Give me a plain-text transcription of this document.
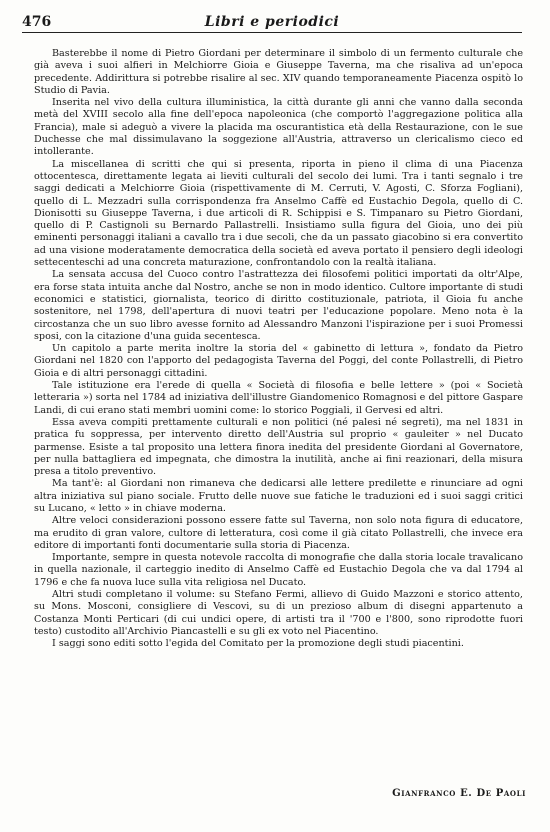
476	Libri e periodici

Basterebbe il nome di Pietro Giordani per determinare il simbolo di un fermento culturale che già aveva i suoi alfieri in Melchiorre Gioia e Giuseppe Taverna, ma che risaliva ad un'epoca precedente. Addirittura si potrebbe risalire al sec. XIV quando temporaneamente Piacenza ospitò lo Studio di Pavia.

Inserita nel vivo della cultura illuministica, la città durante gli anni che vanno dalla seconda metà del XVIII secolo alla fine dell'epoca napoleonica (che comportò l'aggregazione politica alla Francia), male si adeguò a vivere la placida ma oscurantistica età della Restaurazione, con le sue Duchesse che mal dissimulavano la soggezione all'Austria, attraverso un clericalismo cieco ed intollerante.

La miscellanea di scritti che qui si presenta, riporta in pieno il clima di una Piacenza ottocentesca, direttamente legata ai lieviti culturali del secolo dei lumi. Tra i tanti segnalo i tre saggi dedicati a Melchiorre Gioia (rispettivamente di M. Cerruti, V. Agosti, C. Sforza Fogliani), quello di L. Mezzadri sulla corrispondenza fra Anselmo Caffè ed Eustachio Degola, quello di C. Dionisotti su Giuseppe Taverna, i due articoli di R. Schippisi e S. Timpanaro su Pietro Giordani, quello di P. Castignoli su Bernardo Pallastrelli. Insistiamo sulla figura del Gioia, uno dei più eminenti personaggi italiani a cavallo tra i due secoli, che da un passato giacobino si era convertito ad una visione moderatamente democratica della società ed aveva portato il pensiero degli ideologi settecenteschi ad una concreta maturazione, confrontandolo con la realtà italiana.

La sensata accusa del Cuoco contro l'astrattezza dei filosofemi politici importati da oltr'Alpe, era forse stata intuita anche dal Nostro, anche se non in modo identico. Cultore importante di studi economici e statistici, giornalista, teorico di diritto costituzionale, patriota, il Gioia fu anche sostenitore, nel 1798, dell'apertura di nuovi teatri per l'educazione popolare. Meno nota è la circostanza che un suo libro avesse fornito ad Alessandro Manzoni l'ispirazione per i suoi Promessi sposi, con la citazione d'una guida secentesca.

Un capitolo a parte merita inoltre la storia del « gabinetto di lettura », fondato da Pietro Giordani nel 1820 con l'apporto del pedagogista Taverna del Poggi, del conte Pollastrelli, di Pietro Gioia e di altri personaggi cittadini.

Tale istituzione era l'erede di quella « Società di filosofia e belle lettere » (poi « Società letteraria ») sorta nel 1784 ad iniziativa dell'illustre Giandomenico Romagnosi e del pittore Gaspare Landi, di cui erano stati membri uomini come: lo storico Poggiali, il Gervesi ed altri.

Essa aveva compiti prettamente culturali e non politici (né palesi né segreti), ma nel 1831 in pratica fu soppressa, per intervento diretto dell'Austria sul proprio « gauleiter » nel Ducato parmense. Esiste a tal proposito una lettera finora inedita del presidente Giordani al Governatore, per nulla battagliera ed impegnata, che dimostra la inutilità, anche ai fini reazionari, della misura presa a titolo preventivo.

Ma tant'è: al Giordani non rimaneva che dedicarsi alle lettere predilette e rinunciare ad ogni altra iniziativa sul piano sociale. Frutto delle nuove sue fatiche le traduzioni ed i suoi saggi critici su Lucano, « letto » in chiave moderna.

Altre veloci considerazioni possono essere fatte sul Taverna, non solo nota figura di educatore, ma erudito di gran valore, cultore di letteratura, così come il già citato Pollastrelli, che invece era editore di importanti fonti documentarie sulla storia di Piacenza.

Importante, sempre in questa notevole raccolta di monografie che dalla storia locale travalicano in quella nazionale, il carteggio inedito di Anselmo Caffè ed Eustachio Degola che va dal 1794 al 1796 e che fa nuova luce sulla vita religiosa nel Ducato.

Altri studi completano il volume: su Stefano Fermi, allievo di Guido Mazzoni e storico attento, su Mons. Mosconi, consigliere di Vescovi, su di un prezioso album di disegni appartenuto a Costanza Monti Perticari (di cui undici opere, di artisti tra il '700 e l'800, sono riprodotte fuori testo) custodito all'Archivio Piancastelli e su gli ex voto nel Piacentino.

I saggi sono editi sotto l'egida del Comitato per la promozione degli studi piacentini.

Gianfranco E. De Paoli
